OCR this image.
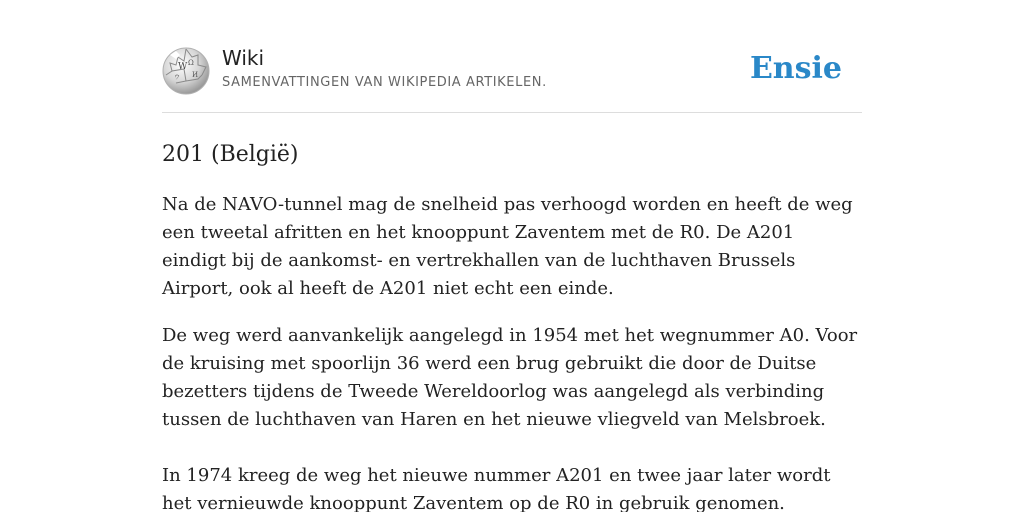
W Ω
И
ウ
Wiki
SAMENVATTINGEN VAN WIKIPEDIA ARTIKELEN.	Ensie
201 (België)

Na de NAVO-tunnel mag de snelheid pas verhoogd worden en heeft de weg een tweetal afritten en het knooppunt Zaventem met de R0. De A201 eindigt bij de aankomst- en vertrekhallen van de luchthaven Brussels Airport, ook al heeft de A201 niet echt een einde.

De weg werd aanvankelijk aangelegd in 1954 met het wegnummer A0. Voor de kruising met spoorlijn 36 werd een brug gebruikt die door de Duitse bezetters tijdens de Tweede Wereldoorlog was aangelegd als verbinding tussen de luchthaven van Haren en het nieuwe vliegveld van Melsbroek.

In 1974 kreeg de weg het nieuwe nummer A201 en twee jaar later wordt het vernieuwde knooppunt Zaventem op de R0 in gebruik genomen.
